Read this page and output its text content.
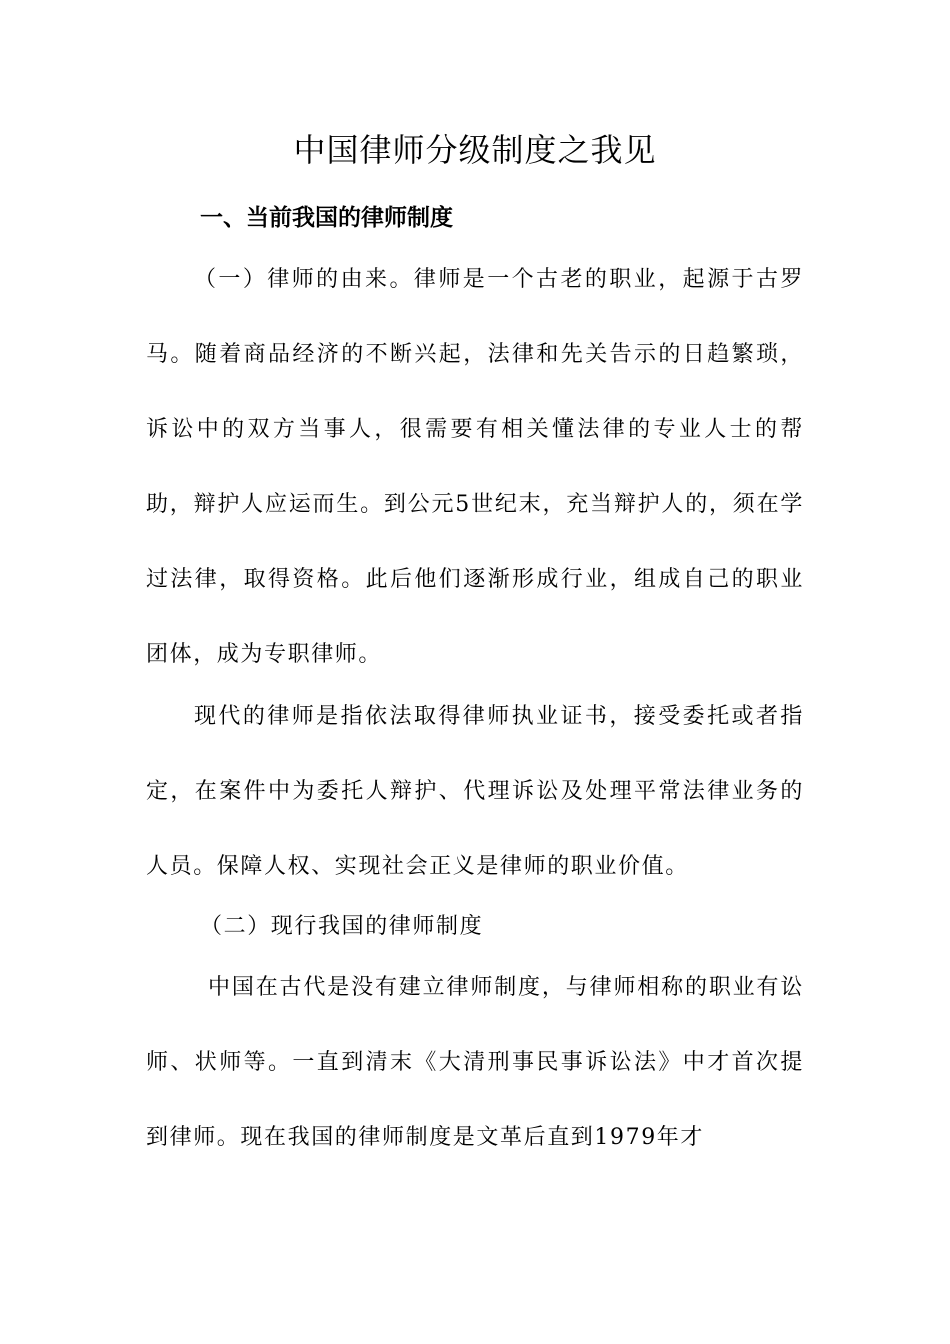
中国律师分级制度之我见
一、当前我国的律师制度

（一）律师的由来。律师是一个古老的职业，起源于古罗马。随着商品经济的不断兴起，法律和先关告示的日趋繁琐，诉讼中的双方当事人，很需要有相关懂法律的专业人士的帮助，辩护人应运而生。到公元5世纪末，充当辩护人的，须在学过法律，取得资格。此后他们逐渐形成行业，组成自己的职业团体，成为专职律师。

现代的律师是指依法取得律师执业证书，接受委托或者指定，在案件中为委托人辩护、代理诉讼及处理平常法律业务的人员。保障人权、实现社会正义是律师的职业价值。

（二）现行我国的律师制度

中国在古代是没有建立律师制度，与律师相称的职业有讼师、状师等。一直到清末《大清刑事民事诉讼法》中才首次提到律师。现在我国的律师制度是文革后直到1979年才
